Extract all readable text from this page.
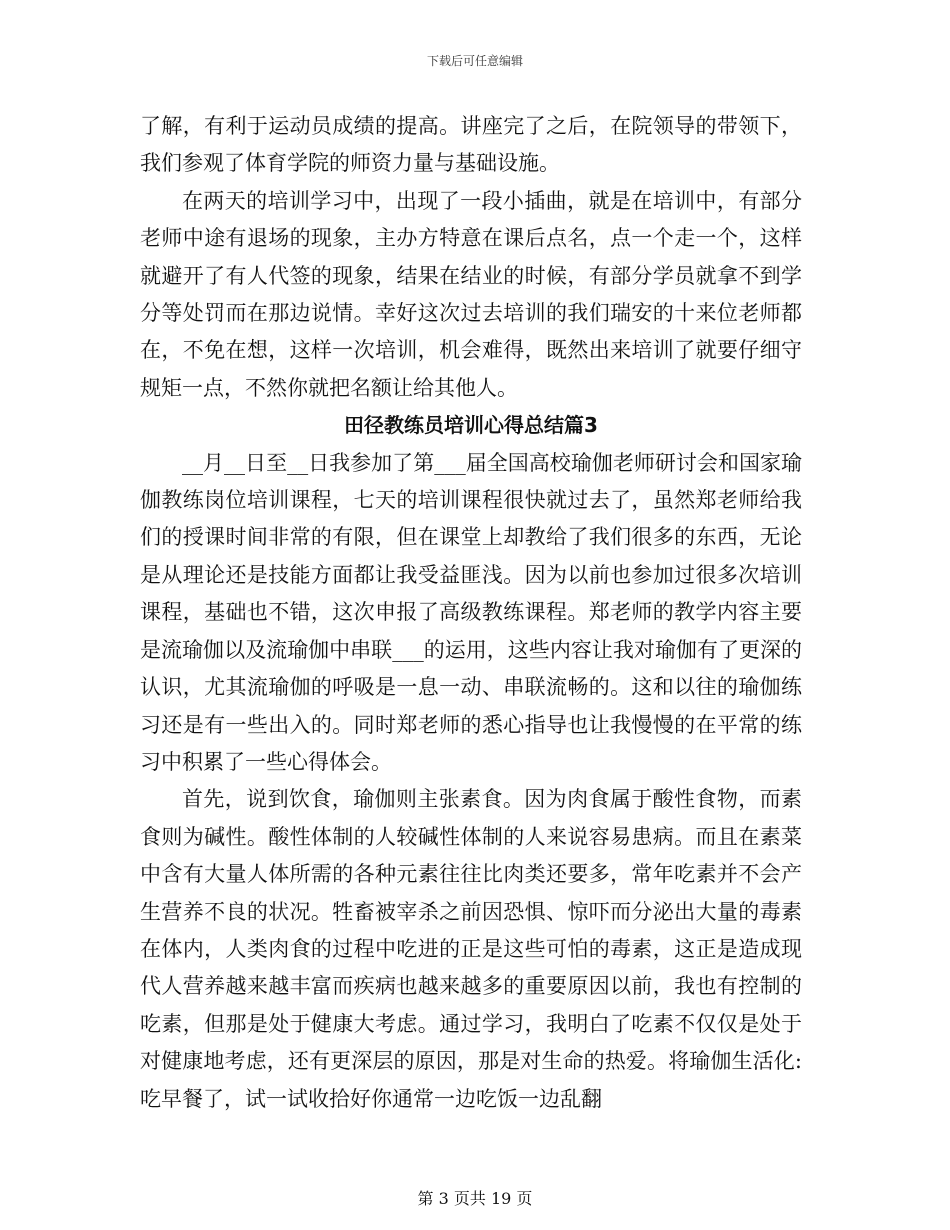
下载后可任意编辑

了解，有利于运动员成绩的提高。讲座完了之后，在院领导的带领下，我们参观了体育学院的师资力量与基础设施。

在两天的培训学习中，出现了一段小插曲，就是在培训中，有部分老师中途有退场的现象，主办方特意在课后点名，点一个走一个，这样就避开了有人代签的现象，结果在结业的时候，有部分学员就拿不到学分等处罚而在那边说情。幸好这次过去培训的我们瑞安的十来位老师都在，不免在想，这样一次培训，机会难得，既然出来培训了就要仔细守规矩一点，不然你就把名额让给其他人。

田径教练员培训心得总结篇3

__月__日至__日我参加了第___届全国高校瑜伽老师研讨会和国家瑜伽教练岗位培训课程，七天的培训课程很快就过去了，虽然郑老师给我们的授课时间非常的有限，但在课堂上却教给了我们很多的东西，无论是从理论还是技能方面都让我受益匪浅。因为以前也参加过很多次培训课程，基础也不错，这次申报了高级教练课程。郑老师的教学内容主要是流瑜伽以及流瑜伽中串联___的运用，这些内容让我对瑜伽有了更深的认识，尤其流瑜伽的呼吸是一息一动、串联流畅的。这和以往的瑜伽练习还是有一些出入的。同时郑老师的悉心指导也让我慢慢的在平常的练习中积累了一些心得体会。

首先，说到饮食，瑜伽则主张素食。因为肉食属于酸性食物，而素食则为碱性。酸性体制的人较碱性体制的人来说容易患病。而且在素菜中含有大量人体所需的各种元素往往比肉类还要多，常年吃素并不会产生营养不良的状况。牲畜被宰杀之前因恐惧、惊吓而分泌出大量的毒素在体内，人类肉食的过程中吃进的正是这些可怕的毒素，这正是造成现代人营养越来越丰富而疾病也越来越多的重要原因以前，我也有控制的吃素，但那是处于健康大考虑。通过学习，我明白了吃素不仅仅是处于对健康地考虑，还有更深层的原因，那是对生命的热爱。将瑜伽生活化:吃早餐了，试一试收拾好你通常一边吃饭一边乱翻

第 3 页共 19 页
